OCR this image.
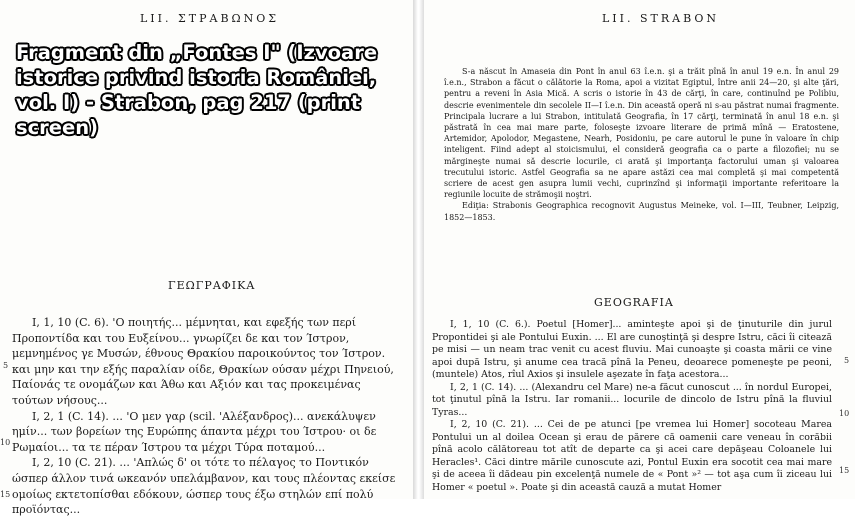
LII. ΣΤΡΑΒΩΝΟΣ
ΓΕΩΓΡΑΦΙΚΑ

I, 1, 10 (C. 6). 'Ο ποιητής... μέμνηται, και εφεξής των περί Προποντίδα και του Ευξείνου... γνωρίζει δε και τον Ίστρον, μεμνημένος γε Μυσών, έθνους Θρακίου παροικούντος τον Ίστρον. και μην και την εξής παραλίαν οίδε, Θρακίων ούσαν μέχρι Πηνειού, Παίονάς τε ονομάζων και Άθω και Αξιόν και τας προκειμένας τούτων νήσους...

I, 2, 1 (C. 14). ... 'Ο μεν γαρ (scil. 'Αλέξανδρος)... ανεκάλυψεν ημίν... των βορείων της Ευρώπης άπαντα μέχρι του Ίστρου· οι δε Ρωμαίοι... τα τε πέραν Ίστρου τα μέχρι Τύρα ποταμού...

I, 2, 10 (C. 21). ... 'Απλώς δ' οι τότε το πέλαγος το Ποντικόν ώσπερ άλλον τινά ωκεανόν υπελάμβανον, και τους πλέοντας εκείσε ομοίως εκτετοπίσθαι εδόκουν, ώσπερ τους έξω στηλών επί πολύ προϊόντας...

5
10
15
LII. STRABON

S-a născut în Amaseia din Pont în anul 63 î.e.n. şi a trăit pînă în anul 19 e.n. În anul 29 î.e.n., Strabon a făcut o călătorie la Roma, apoi a vizitat Egiptul, între anii 24—20, şi alte ţări, pentru a reveni în Asia Mică. A scris o istorie în 43 de cărţi, în care, continuînd pe Polibiu, descrie evenimentele din secolele II—I î.e.n. Din această operă ni s-au păstrat numai fragmente. Principala lucrare a lui Strabon, intitulată Geografia, în 17 cărţi, terminată în anul 18 e.n. şi păstrată în cea mai mare parte, foloseşte izvoare literare de primă mînă — Eratostene, Artemidor, Apolodor, Megastene, Nearh, Posidoniu, pe care autorul le pune în valoare în chip inteligent. Fiind adept al stoicismului, el consideră geografia ca o parte a filozofiei; nu se mărgineşte numai să descrie locurile, ci arată şi importanţa factorului uman şi valoarea trecutului istoric. Astfel Geografia sa ne apare astăzi cea mai completă şi mai competentă scriere de acest gen asupra lumii vechi, cuprinzînd şi informaţii importante referitoare la regiunile locuite de strămoşii noştri.

Ediţia: Strabonis Geographica recognovit Augustus Meineke, vol. I—III, Teubner, Leipzig, 1852—1853.

GEOGRAFIA

I, 1, 10 (C. 6.). Poetul [Homer]... aminteşte apoi şi de ţinuturile din jurul Propontidei şi ale Pontului Euxin. ... El are cunoştinţă şi despre Istru, căci îi citează pe misi — un neam trac venit cu acest fluviu. Mai cunoaşte şi coasta mării ce vine apoi după Istru, şi anume cea tracă pînă la Peneu, deoarece pomeneşte pe peoni, (muntele) Atos, rîul Axios şi insulele aşezate în faţa acestora...

I, 2, 1 (C. 14). ... (Alexandru cel Mare) ne-a făcut cunoscut ... în nordul Europei, tot ţinutul pînă la Istru. Iar romanii... locurile de dincolo de Istru pînă la fluviul Tyras...

I, 2, 10 (C. 21). ... Cei de pe atunci [pe vremea lui Homer] socoteau Marea Pontului un al doilea Ocean şi erau de părere că oamenii care veneau în corăbii pînă acolo călătoreau tot atît de departe ca şi acei care depăşeau Coloanele lui Heracles¹. Căci dintre mările cunoscute azi, Pontul Euxin era socotit cea mai mare şi de aceea îi dădeau pin excelenţă numele de « Pont »² — tot aşa cum îi ziceau lui Homer « poetul ». Poate şi din această cauză a mutat Homer

5
10
15
Fragment din „Fontes I" (Izvoare istorice privind istoria României, vol. I) - Strabon, pag 217 (print screen)
